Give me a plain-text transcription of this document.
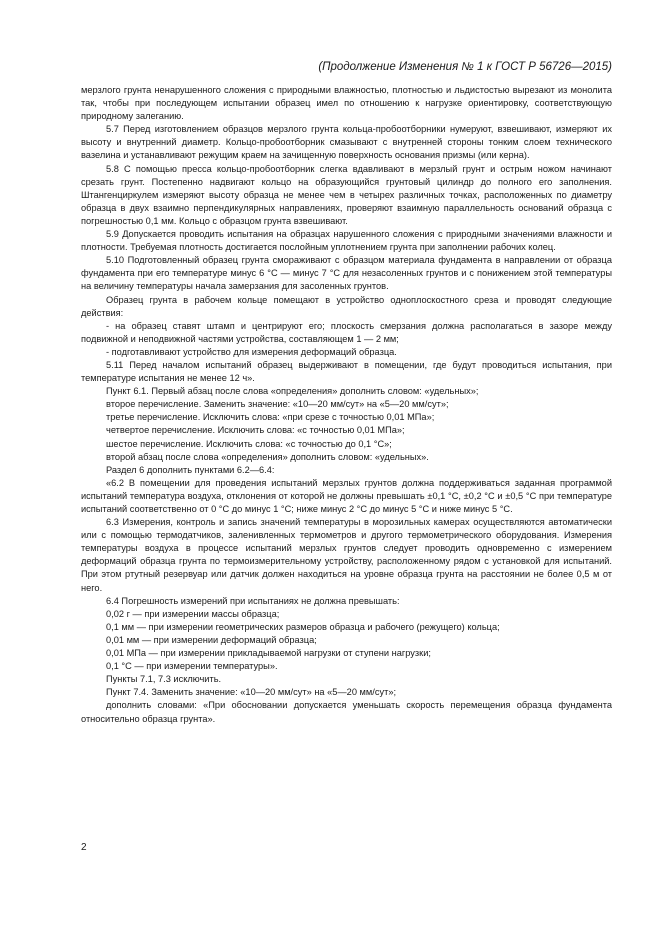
(Продолжение Изменения № 1 к ГОСТ Р 56726—2015)

мерзлого грунта ненарушенного сложения с природными влажностью, плотностью и льдистостью вырезают из монолита так, чтобы при последующем испытании образец имел по отношению к нагрузке ориентировку, соответствующую природному залеганию.

5.7 Перед изготовлением образцов мерзлого грунта кольца-пробоотборники нумеруют, взвешивают, измеряют их высоту и внутренний диаметр. Кольцо-пробоотборник смазывают с внутренней стороны тонким слоем технического вазелина и устанавливают режущим краем на зачищенную поверхность основания призмы (или керна).

5.8 С помощью пресса кольцо-пробоотборник слегка вдавливают в мерзлый грунт и острым ножом начинают срезать грунт. Постепенно надвигают кольцо на образующийся грунтовый цилиндр до полного его заполнения. Штангенциркулем измеряют высоту образца не менее чем в четырех различных точках, расположенных по диаметру образца в двух взаимно перпендикулярных направлениях, проверяют взаимную параллельность оснований образца с погрешностью 0,1 мм. Кольцо с образцом грунта взвешивают.

5.9 Допускается проводить испытания на образцах нарушенного сложения с природными значениями влажности и плотности. Требуемая плотность достигается послойным уплотнением грунта при заполнении рабочих колец.

5.10 Подготовленный образец грунта смораживают с образцом материала фундамента в направлении от образца фундамента при его температуре минус 6 °С — минус 7 °С для незасоленных грунтов и с понижением этой температуры на величину температуры начала замерзания для засоленных грунтов.

Образец грунта в рабочем кольце помещают в устройство одноплоскостного среза и проводят следующие действия:

- на образец ставят штамп и центрируют его; плоскость смерзания должна располагаться в зазоре между подвижной и неподвижной частями устройства, составляющем 1 — 2 мм;

- подготавливают устройство для измерения деформаций образца.

5.11 Перед началом испытаний образец выдерживают в помещении, где будут проводиться испытания, при температуре испытания не менее 12 ч».

Пункт 6.1. Первый абзац после слова «определения» дополнить словом: «удельных»;

второе перечисление. Заменить значение: «10—20 мм/сут» на «5—20 мм/сут»;

третье перечисление. Исключить слова: «при срезе с точностью 0,01 МПа»;

четвертое перечисление. Исключить слова: «с точностью 0,01 МПа»;

шестое перечисление. Исключить слова: «с точностью до 0,1 °С»;

второй абзац после слова «определения» дополнить словом: «удельных».

Раздел 6 дополнить пунктами 6.2—6.4:

«6.2 В помещении для проведения испытаний мерзлых грунтов должна поддерживаться заданная программой испытаний температура воздуха, отклонения от которой не должны превышать ±0,1 °С, ±0,2 °С и ±0,5 °С при температуре испытаний соответственно от 0 °С до минус 1 °С; ниже минус 2 °С до минус 5 °С и ниже минус 5 °С.

6.3 Измерения, контроль и запись значений температуры в морозильных камерах осуществляются автоматически или с помощью термодатчиков, заленивленных термометров и другого термометрического оборудования. Измерения температуры воздуха в процессе испытаний мерзлых грунтов следует проводить одновременно с измерением деформаций образца грунта по термоизмерительному устройству, расположенному рядом с установкой для испытаний. При этом ртутный резервуар или датчик должен находиться на уровне образца грунта на расстоянии не более 0,5 м от него.

6.4 Погрешность измерений при испытаниях не должна превышать:

0,02 г — при измерении массы образца;

0,1 мм — при измерении геометрических размеров образца и рабочего (режущего) кольца;

0,01 мм — при измерении деформаций образца;

0,01 МПа — при измерении прикладываемой нагрузки от ступени нагрузки;

0,1 °С — при измерении температуры».

Пункты 7.1, 7.3 исключить.

Пункт 7.4. Заменить значение: «10—20 мм/сут» на «5—20 мм/сут»;

дополнить словами: «При обосновании допускается уменьшать скорость перемещения образца фундамента относительно образца грунта».

2
